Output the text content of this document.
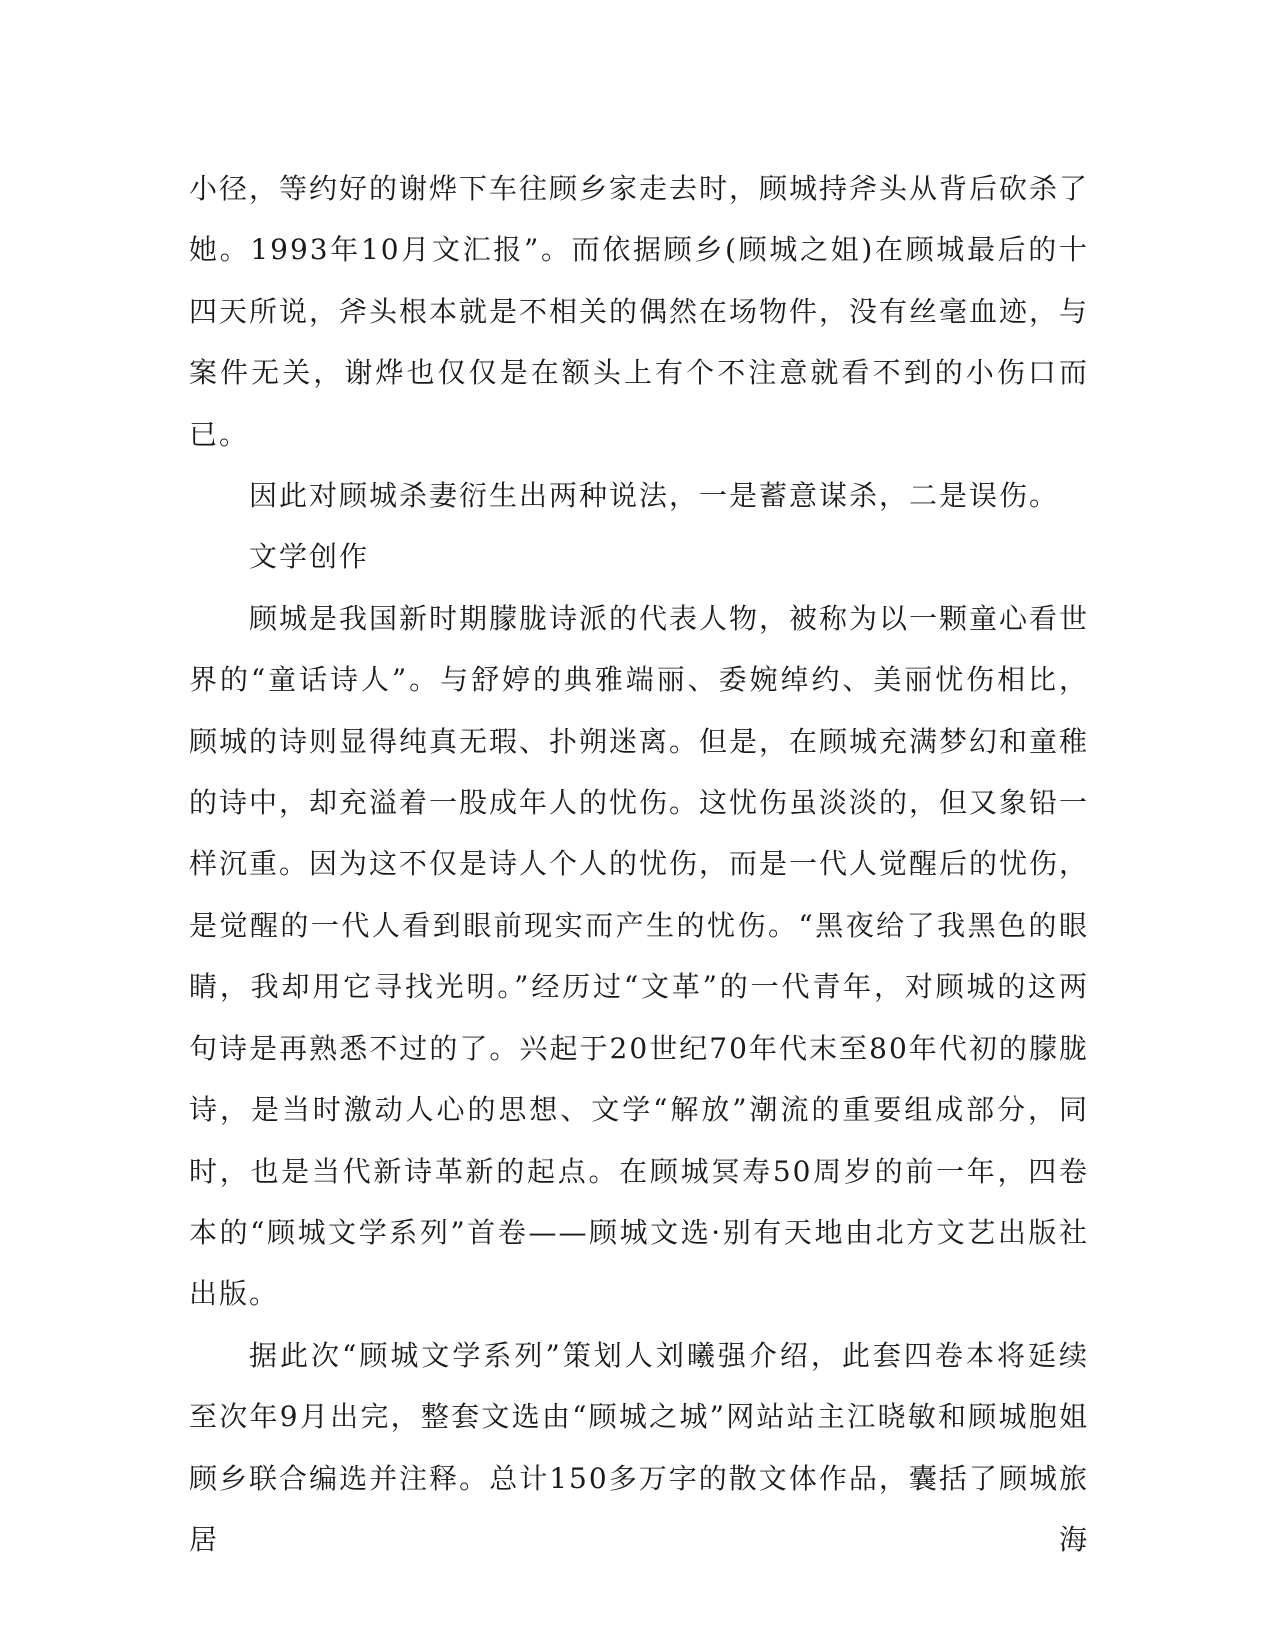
小径，等约好的谢烨下车往顾乡家走去时，顾城持斧头从背后砍杀了她。1993年10月文汇报”。而依据顾乡(顾城之姐)在顾城最后的十四天所说，斧头根本就是不相关的偶然在场物件，没有丝毫血迹，与案件无关，谢烨也仅仅是在额头上有个不注意就看不到的小伤口而已。

因此对顾城杀妻衍生出两种说法，一是蓄意谋杀，二是误伤。

文学创作

顾城是我国新时期朦胧诗派的代表人物，被称为以一颗童心看世界的“童话诗人”。与舒婷的典雅端丽、委婉绰约、美丽忧伤相比，顾城的诗则显得纯真无瑕、扑朔迷离。但是，在顾城充满梦幻和童稚的诗中，却充溢着一股成年人的忧伤。这忧伤虽淡淡的，但又象铅一样沉重。因为这不仅是诗人个人的忧伤，而是一代人觉醒后的忧伤，是觉醒的一代人看到眼前现实而产生的忧伤。“黑夜给了我黑色的眼睛，我却用它寻找光明。”经历过“文革”的一代青年，对顾城的这两句诗是再熟悉不过的了。兴起于20世纪70年代末至80年代初的朦胧诗，是当时激动人心的思想、文学“解放”潮流的重要组成部分，同时，也是当代新诗革新的起点。在顾城冥寿50周岁的前一年，四卷本的“顾城文学系列”首卷——顾城文选·别有天地由北方文艺出版社出版。

据此次“顾城文学系列”策划人刘曦强介绍，此套四卷本将延续至次年9月出完，整套文选由“顾城之城”网站站主江晓敏和顾城胞姐顾乡联合编选并注释。总计150多万字的散文体作品，囊括了顾城旅居海
